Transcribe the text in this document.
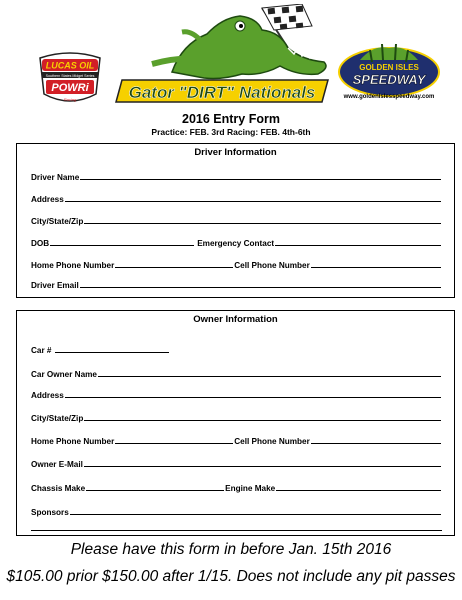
LUCAS OIL
Southern States Midget Series
POWRi
Racing	Gator "DIRT" Nationals
GOLDEN ISLES
SPEEDWAY
www.goldenislesspeedway.com
2016 Entry Form
Practice: FEB. 3rd Racing: FEB. 4th-6th
Driver Information
Driver Name
Address
City/State/Zip
DOB	Emergency Contact
Home Phone Number	Cell Phone Number
Driver Email
Owner Information
Car #
Car Owner Name
Address
City/State/Zip
Home Phone Number	Cell Phone Number
Owner E-Mail
Chassis Make	Engine Make
Sponsors
Please have this form in before Jan. 15th 2016
$105.00 prior $150.00 after 1/15. Does not include any pit passes
